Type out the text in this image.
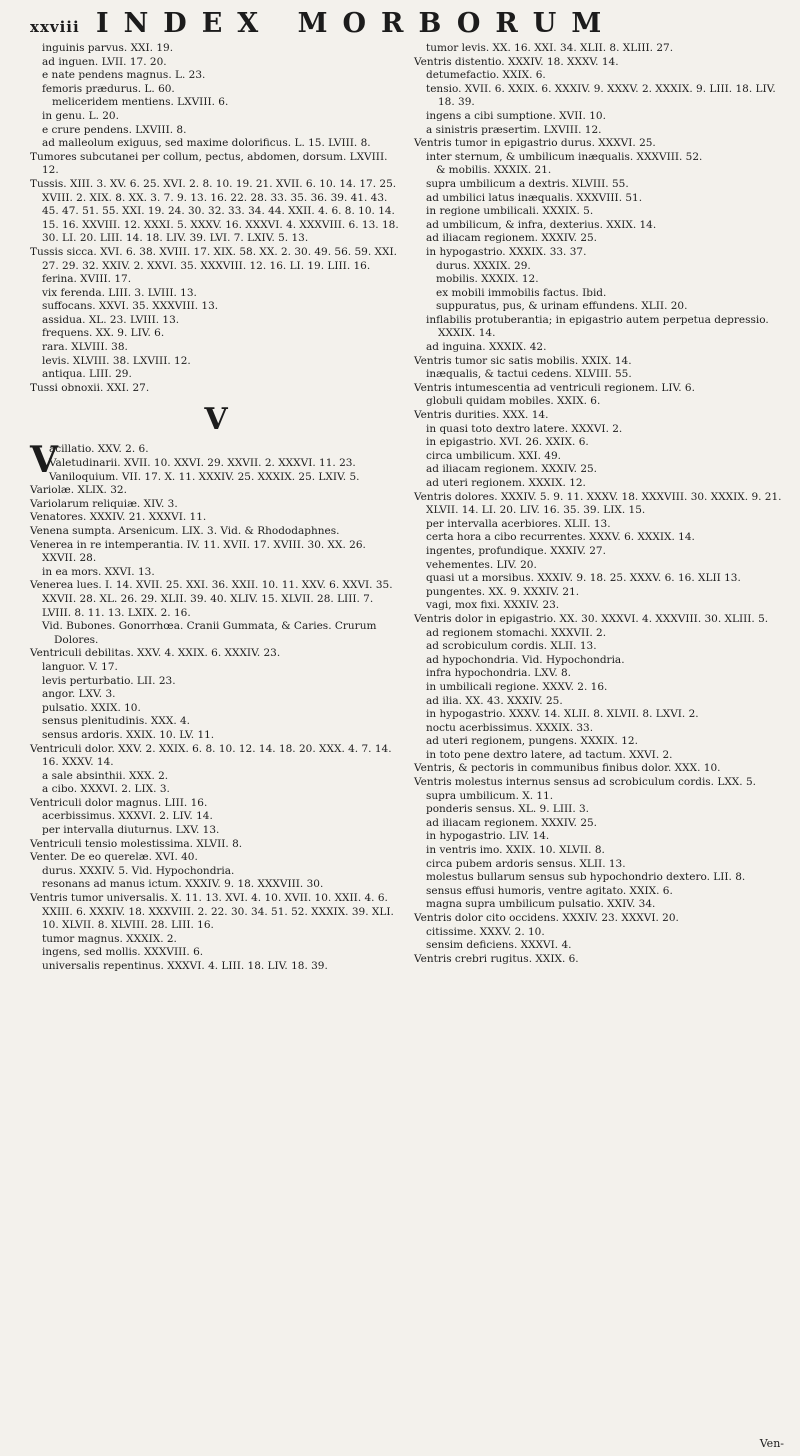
xxviii INDEX MORBORUM

inguinis parvus. XXI. 19.

ad inguen. LVII. 17. 20.

e nate pendens magnus. L. 23.

femoris prædurus. L. 60.

meliceridem mentiens. LXVIII. 6.

in genu. L. 20.

e crure pendens. LXVIII. 8.

ad malleolum exiguus, sed maxime dolorificus. L. 15. LVIII. 8.

Tumores subcutanei per collum, pectus, abdomen, dorsum. LXVIII. 12.

Tussis. XIII. 3. XV. 6. 25. XVI. 2. 8. 10. 19. 21. XVII. 6. 10. 14. 17. 25. XVIII. 2. XIX. 8. XX. 3. 7. 9. 13. 16. 22. 28. 33. 35. 36. 39. 41. 43. 45. 47. 51. 55. XXI. 19. 24. 30. 32. 33. 34. 44. XXII. 4. 6. 8. 10. 14. 15. 16. XXVIII. 12. XXXI. 5. XXXV. 16. XXXVI. 4. XXXVIII. 6. 13. 18. 30. LI. 20. LIII. 14. 18. LIV. 39. LVI. 7. LXIV. 5. 13.

Tussis sicca. XVI. 6. 38. XVIII. 17. XIX. 58. XX. 2. 30. 49. 56. 59. XXI. 27. 29. 32. XXIV. 2. XXVI. 35. XXXVIII. 12. 16. LI. 19. LIII. 16.

ferina. XVIII. 17.

vix ferenda. LIII. 3. LVIII. 13.

suffocans. XXVI. 35. XXXVIII. 13.

assidua. XL. 23. LVIII. 13.

frequens. XX. 9. LIV. 6.

rara. XLVIII. 38.

levis. XLVIII. 38. LXVIII. 12.

antiqua. LIII. 29.

Tussi obnoxii. XXI. 27.

V

V
acillatio. XXV. 2. 6.

Valetudinarii. XVII. 10. XXVI. 29. XXVII. 2. XXXVI. 11. 23.

Vaniloquium. VII. 17. X. 11. XXXIV. 25. XXXIX. 25. LXIV. 5.

Variolæ. XLIX. 32.

Variolarum reliquiæ. XIV. 3.

Venatores. XXXIV. 21. XXXVI. 11.

Venena sumpta. Arsenicum. LIX. 3. Vid. & Rhododaphnes.

Venerea in re intemperantia. IV. 11. XVII. 17. XVIII. 30. XX. 26. XXVII. 28.

in ea mors. XXVI. 13.

Venerea lues. I. 14. XVII. 25. XXI. 36. XXII. 10. 11. XXV. 6. XXVI. 35. XXVII. 28. XL. 26. 29. XLII. 39. 40. XLIV. 15. XLVII. 28. LIII. 7. LVIII. 8. 11. 13. LXIX. 2. 16.

Vid. Bubones. Gonorrhœa. Cranii Gummata, & Caries. Crurum Dolores.

Ventriculi debilitas. XXV. 4. XXIX. 6. XXXIV. 23.

languor. V. 17.

levis perturbatio. LII. 23.

angor. LXV. 3.

pulsatio. XXIX. 10.

sensus plenitudinis. XXX. 4.

sensus ardoris. XXIX. 10. LV. 11.

Ventriculi dolor. XXV. 2. XXIX. 6. 8. 10. 12. 14. 18. 20. XXX. 4. 7. 14. 16. XXXV. 14.

a sale absinthii. XXX. 2.

a cibo. XXXVI. 2. LIX. 3.

Ventriculi dolor magnus. LIII. 16.

acerbissimus. XXXVI. 2. LIV. 14.

per intervalla diuturnus. LXV. 13.

Ventriculi tensio molestissima. XLVII. 8.

Venter. De eo querelæ. XVI. 40.

durus. XXXIV. 5. Vid. Hypochondria.

resonans ad manus ictum. XXXIV. 9. 18. XXXVIII. 30.

Ventris tumor universalis. X. 11. 13. XVI. 4. 10. XVII. 10. XXII. 4. 6. XXIII. 6. XXXIV. 18. XXXVIII. 2. 22. 30. 34. 51. 52. XXXIX. 39. XLI. 10. XLVII. 8. XLVIII. 28. LIII. 16.

tumor magnus. XXXIX. 2.

ingens, sed mollis. XXXVIII. 6.

universalis repentinus. XXXVI. 4. LIII. 18. LIV. 18. 39.

tumor levis. XX. 16. XXI. 34. XLII. 8. XLIII. 27.

Ventris distentio. XXXIV. 18. XXXV. 14.

detumefactio. XXIX. 6.

tensio. XVII. 6. XXIX. 6. XXXIV. 9. XXXV. 2. XXXIX. 9. LIII. 18. LIV. 18. 39.

ingens a cibi sumptione. XVII. 10.

a sinistris præsertim. LXVIII. 12.

Ventris tumor in epigastrio durus. XXXVI. 25.

inter sternum, & umbilicum inæqualis. XXXVIII. 52.

& mobilis. XXXIX. 21.

supra umbilicum a dextris. XLVIII. 55.

ad umbilici latus inæqualis. XXXVIII. 51.

in regione umbilicali. XXXIX. 5.

ad umbilicum, & infra, dexterius. XXIX. 14.

ad iliacam regionem. XXXIV. 25.

in hypogastrio. XXXIX. 33. 37.

durus. XXXIX. 29.

mobilis. XXXIX. 12.

ex mobili immobilis factus. Ibid.

suppuratus, pus, & urinam effundens. XLII. 20.

inflabilis protuberantia; in epigastrio autem perpetua depressio. XXXIX. 14.

ad inguina. XXXIX. 42.

Ventris tumor sic satis mobilis. XXIX. 14.

inæqualis, & tactui cedens. XLVIII. 55.

Ventris intumescentia ad ventriculi regionem. LIV. 6.

globuli quidam mobiles. XXIX. 6.

Ventris durities. XXX. 14.

in quasi toto dextro latere. XXXVI. 2.

in epigastrio. XVI. 26. XXIX. 6.

circa umbilicum. XXI. 49.

ad iliacam regionem. XXXIV. 25.

ad uteri regionem. XXXIX. 12.

Ventris dolores. XXXIV. 5. 9. 11. XXXV. 18. XXXVIII. 30. XXXIX. 9. 21. XLVII. 14. LI. 20. LIV. 16. 35. 39. LIX. 15.

per intervalla acerbiores. XLII. 13.

certa hora a cibo recurrentes. XXXV. 6. XXXIX. 14.

ingentes, profundique. XXXIV. 27.

vehementes. LIV. 20.

quasi ut a morsibus. XXXIV. 9. 18. 25. XXXV. 6. 16. XLII 13.

pungentes. XX. 9. XXXIV. 21.

vagi, mox fixi. XXXIV. 23.

Ventris dolor in epigastrio. XX. 30. XXXVI. 4. XXXVIII. 30. XLIII. 5.

ad regionem stomachi. XXXVII. 2.

ad scrobiculum cordis. XLII. 13.

ad hypochondria. Vid. Hypochondria.

infra hypochondria. LXV. 8.

in umbilicali regione. XXXV. 2. 16.

ad ilia. XX. 43. XXXIV. 25.

in hypogastrio. XXXV. 14. XLII. 8. XLVII. 8. LXVI. 2.

noctu acerbissimus. XXXIX. 33.

ad uteri regionem, pungens. XXXIX. 12.

in toto pene dextro latere, ad tactum. XXVI. 2.

Ventris, & pectoris in communibus finibus dolor. XXX. 10.

Ventris molestus internus sensus ad scrobiculum cordis. LXX. 5.

supra umbilicum. X. 11.

ponderis sensus. XL. 9. LIII. 3.

ad iliacam regionem. XXXIV. 25.

in hypogastrio. LIV. 14.

in ventris imo. XXIX. 10. XLVII. 8.

circa pubem ardoris sensus. XLII. 13.

molestus bullarum sensus sub hypochondrio dextero. LII. 8.

sensus effusi humoris, ventre agitato. XXIX. 6.

magna supra umbilicum pulsatio. XXIV. 34.

Ventris dolor cito occidens. XXXIV. 23. XXXVI. 20.

citissime. XXXV. 2. 10.

sensim deficiens. XXXVI. 4.

Ventris crebri rugitus. XXIX. 6.

Ven-
